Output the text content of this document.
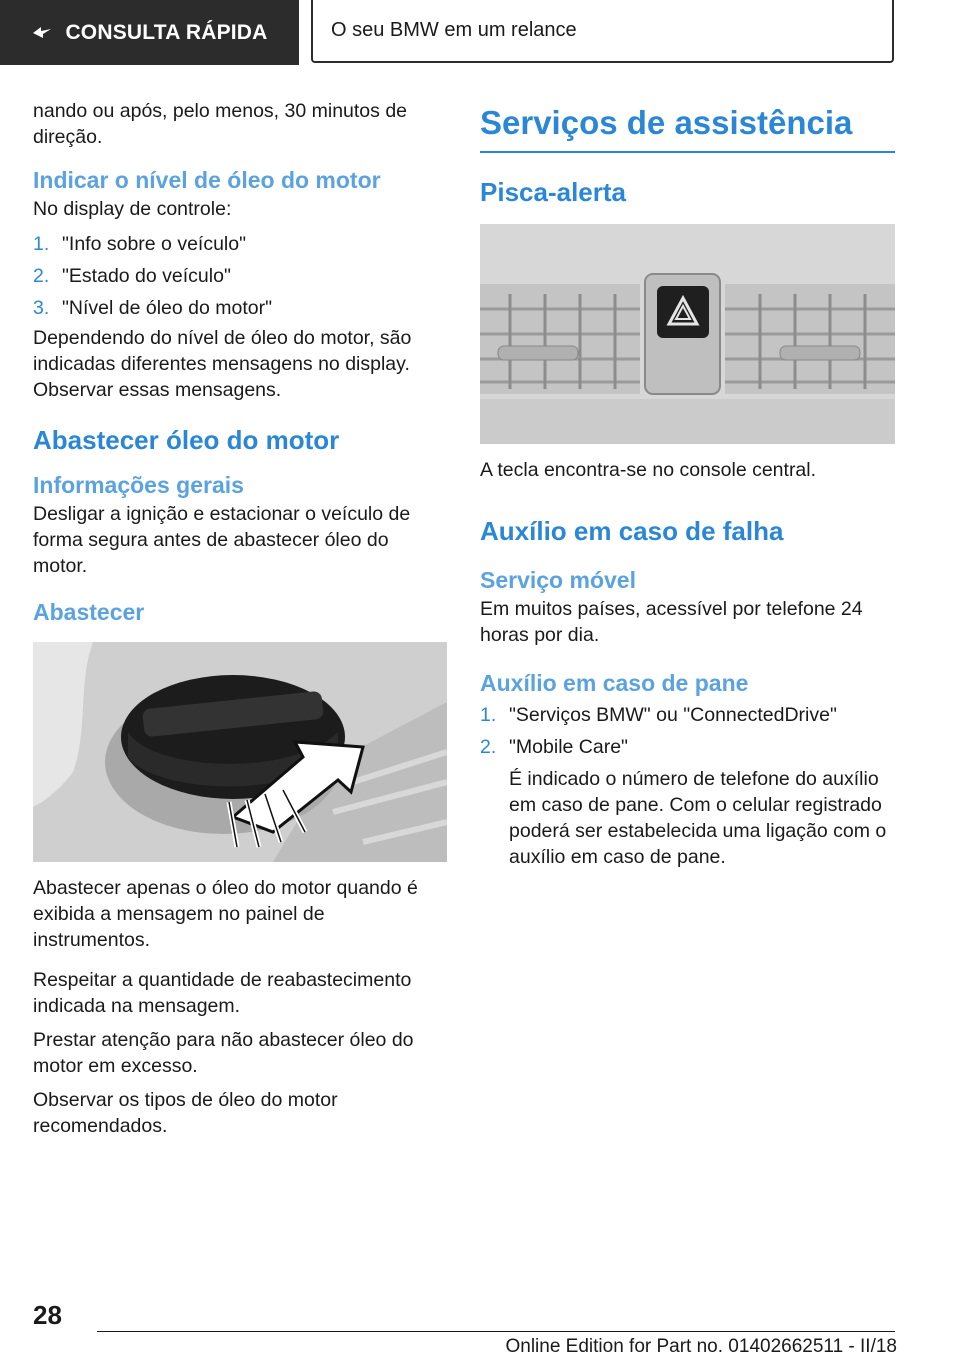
CONSULTA RÁPIDA	O seu BMW em um relance

nando ou após, pelo menos, 30 minutos de direção.

Indicar o nível de óleo do motor

No display de controle:

1. "Info sobre o veículo"
2. "Estado do veículo"
3. "Nível de óleo do motor"

Dependendo do nível de óleo do motor, são indicadas diferentes mensagens no display. Observar essas mensagens.

Abastecer óleo do motor
Informações gerais

Desligar a ignição e estacionar o veículo de forma segura antes de abastecer óleo do motor.

Abastecer

Abastecer apenas o óleo do motor quando é exibida a mensagem no painel de instrumentos.

Respeitar a quantidade de reabastecimento indicada na mensagem.

Prestar atenção para não abastecer óleo do motor em excesso.

Observar os tipos de óleo do motor recomendados.

Serviços de assistência
Pisca-alerta

A tecla encontra-se no console central.

Auxílio em caso de falha
Serviço móvel

Em muitos países, acessível por telefone 24 horas por dia.

Auxílio em caso de pane
1. "Serviços BMW" ou "ConnectedDrive"
2. "Mobile Care"

É indicado o número de telefone do auxílio em caso de pane. Com o celular registrado poderá ser estabelecida uma ligação com o auxílio em caso de pane.

28
Online Edition for Part no. 01402662511 - II/18
